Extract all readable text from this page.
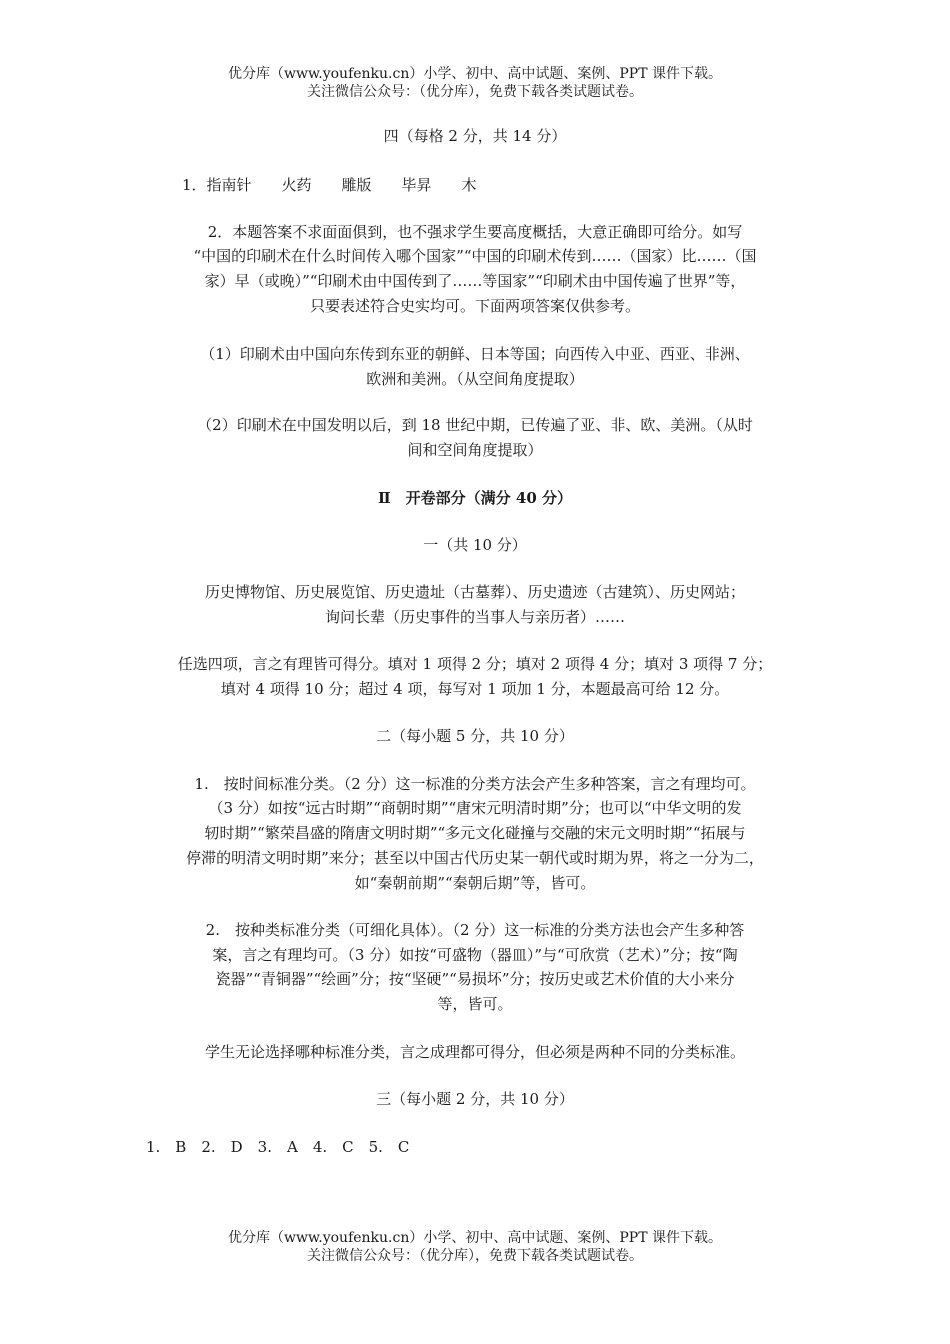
优分库（www.youfenku.cn）小学、初中、高中试题、案例、PPT 课件下载。
关注微信公众号：（优分库），免费下载各类试题试卷。
四（每格 2 分，共 14 分）
1．指南针　　火药　　雕版　　毕昇　　木
2．本题答案不求面面俱到，也不强求学生要高度概括，大意正确即可给分。如写
“中国的印刷术在什么时间传入哪个国家”“中国的印刷术传到……（国家）比……（国
家）早（或晚）”“印刷术由中国传到了……等国家”“印刷术由中国传遍了世界”等，
只要表述符合史实均可。下面两项答案仅供参考。
（1）印刷术由中国向东传到东亚的朝鲜、日本等国；向西传入中亚、西亚、非洲、
欧洲和美洲。（从空间角度提取）
（2）印刷术在中国发明以后，到 18 世纪中期，已传遍了亚、非、欧、美洲。（从时
间和空间角度提取）
Ⅱ　开卷部分（满分 40 分）
一（共 10 分）
历史博物馆、历史展览馆、历史遗址（古墓葬）、历史遗迹（古建筑）、历史网站；
询问长辈（历史事件的当事人与亲历者）……
任选四项，言之有理皆可得分。填对 1 项得 2 分；填对 2 项得 4 分；填对 3 项得 7 分；
填对 4 项得 10 分；超过 4 项，每写对 1 项加 1 分，本题最高可给 12 分。
二（每小题 5 分，共 10 分）
1.　按时间标准分类。（2 分）这一标准的分类方法会产生多种答案，言之有理均可。
（3 分）如按“远古时期”“商朝时期”“唐宋元明清时期”分；也可以“中华文明的发
轫时期”“繁荣昌盛的隋唐文明时期”“多元文化碰撞与交融的宋元文明时期”“拓展与
停滞的明清文明时期”来分；甚至以中国古代历史某一朝代或时期为界，将之一分为二，
如“秦朝前期”“秦朝后期”等，皆可。
2.　按种类标准分类（可细化具体）。（2 分）这一标准的分类方法也会产生多种答
案，言之有理均可。（3 分）如按“可盛物（器皿）”与“可欣赏（艺术）”分；按“陶
瓷器”“青铜器”“绘画”分；按“坚硬”“易损坏”分；按历史或艺术价值的大小来分
等，皆可。
学生无论选择哪种标准分类，言之成理都可得分，但必须是两种不同的分类标准。
三（每小题 2 分，共 10 分）
1.　B　2.　D　3.　A　4.　C　5.　C
优分库（www.youfenku.cn）小学、初中、高中试题、案例、PPT 课件下载。
关注微信公众号：（优分库），免费下载各类试题试卷。
